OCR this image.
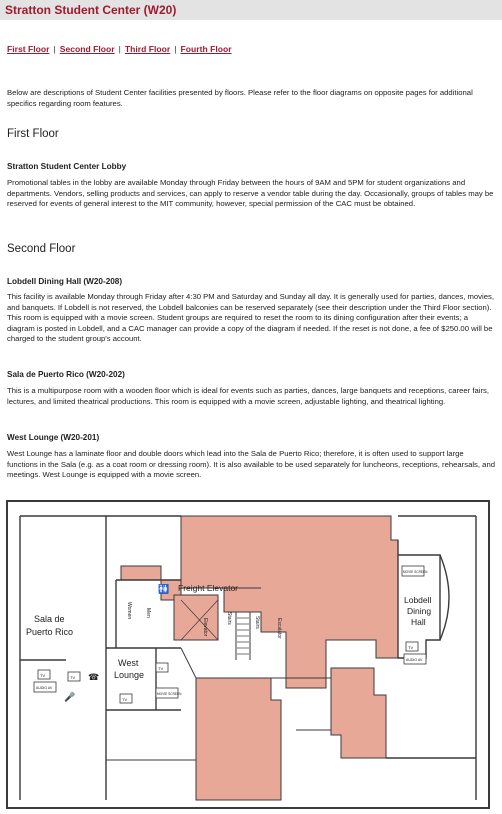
Stratton Student Center (W20)
First Floor | Second Floor | Third Floor | Fourth Floor
Below are descriptions of Student Center facilities presented by floors. Please refer to the floor diagrams on opposite pages for additional specifics regarding room features.
First Floor
Stratton Student Center Lobby
Promotional tables in the lobby are available Monday through Friday between the hours of 9AM and 5PM for student organizations and departments. Vendors, selling products and services, can apply to reserve a vendor table during the day. Occasionally, groups of tables may be reserved for events of general interest to the MIT community, however, special permission of the CAC must be obtained.
Second Floor
Lobdell Dining Hall (W20-208)
This facility is available Monday through Friday after 4:30 PM and Saturday and Sunday all day. It is generally used for parties, dances, movies, and banquets. If Lobdell is not reserved, the Lobdell balconies can be reserved separately (see their description under the Third Floor section). This room is equipped with a movie screen. Student groups are required to reset the room to its dining configuration after their events; a diagram is posted in Lobdell, and a CAC manager can provide a copy of the diagram if needed. If the reset is not done, a fee of $250.00 will be charged to the student group's account.
Sala de Puerto Rico (W20-202)
This is a multipurpose room with a wooden floor which is ideal for events such as parties, dances, large banquets and receptions, career fairs, lectures, and limited theatrical productions. This room is equipped with a movie screen, adjustable lighting, and theatrical lighting.
West Lounge (W20-201)
West Lounge has a laminate floor and double doors which lead into the Sala de Puerto Rico; therefore, it is often used to support large functions in the Sala (e.g. as a coat room or dressing room). It is also available to be used separately for luncheons, receptions, rehearsals, and meetings. West Lounge is equipped with a movie screen.
Sala de
Puerto Rico
West
Lounge
Lobdell
Dining
Hall
Freight Elevator
Women	Men
Elevator	Stairs	Stairs	Escalator
TV
AUDIO AV
TV ☎
🎤
TV
MOVIE SCREEN
TV
MOVIE SCREEN
TV
AUDIO AV
🚻
